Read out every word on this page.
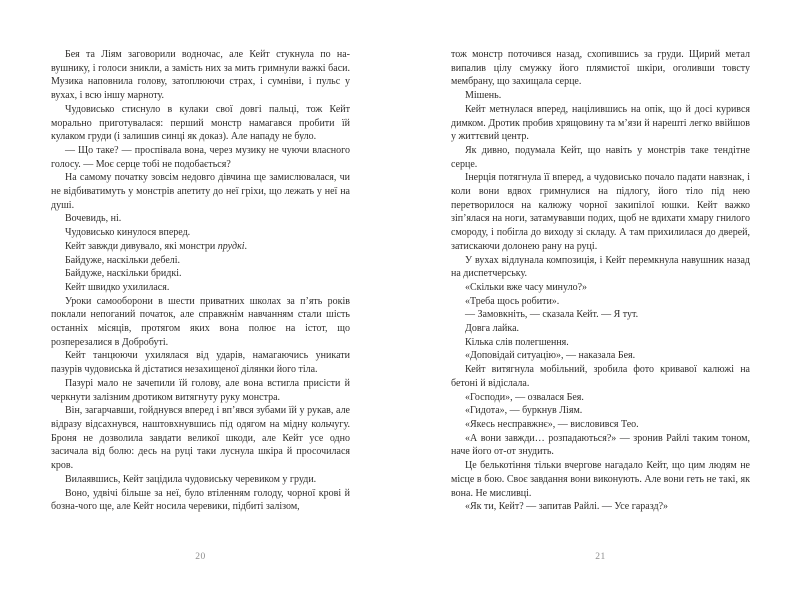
Бея та Ліям заговорили водночас, але Кейт стукнула по навушнику, і голоси зникли, а замість них за мить гримнули важкі баси. Музика наповнила голову, затоплюючи страх, і сумніви, і пульс у вухах, і всю іншу марноту.

Чудовисько стиснуло в кулаки свої довгі пальці, тож Кейт морально приготувалася: перший монстр намагався пробити їй кулаком груди (і залишив синці як доказ). Але нападу не було.

— Що таке? — проспівала вона, через музику не чуючи власного голосу. — Моє серце тобі не подобається?

На самому початку зовсім недовго дівчина ще замислювалася, чи не відбиватимуть у монстрів апетиту до неї гріхи, що лежать у неї на душі.

Вочевидь, ні.

Чудовисько кинулося вперед.

Кейт завжди дивувало, які монстри прудкі.

Байдуже, наскільки дебелі.

Байдуже, наскільки бридкі.

Кейт швидко ухилилася.

Уроки самооборони в шести приватних школах за п’ять років поклали непоганий початок, але справжнім навчанням стали шість останніх місяців, протягом яких вона полює на істот, що розперезалися в Добробуті.

Кейт танцюючи ухилялася від ударів, намагаючись уникати пазурів чудовиська й дістатися незахищеної ділянки його тіла.

Пазурі мало не зачепили їй голову, але вона встигла присісти й черкнути залізним дротиком витягнуту руку монстра.

Він, загарчавши, гойднувся вперед і вп’явся зубами їй у рукав, але відразу відсахнувся, наштовхнувшись під одягом на мідну кольчугу. Броня не дозволила завдати великої шкоди, але Кейт усе одно засичала від болю: десь на руці таки луснула шкіра й просочилася кров.

Вилаявшись, Кейт зацідила чудовиську черевиком у груди.

Воно, удвічі більше за неї, було втіленням голоду, чорної крові й бозна-чого ще, але Кейт носила черевики, підбиті залізом,

тож монстр поточився назад, схопившись за груди. Щирий метал випалив цілу смужку його плямистої шкіри, оголивши товсту мембрану, що захищала серце.

Мішень.

Кейт метнулася вперед, націлившись на опік, що й досі курився димком. Дротик пробив хрящовину та м’язи й нарешті легко ввійшов у життєвий центр.

Як дивно, подумала Кейт, що навіть у монстрів таке тендітне серце.

Інерція потягнула її вперед, а чудовисько почало падати навзнак, і коли вони вдвох гримнулися на підлогу, його тіло під нею перетворилося на калюжу чорної закипілої юшки. Кейт важко зіп’ялася на ноги, затамувавши подих, щоб не вдихати хмару гнилого смороду, і побігла до виходу зі складу. А там прихилилася до дверей, затискаючи долонею рану на руці.

У вухах відлунала композиція, і Кейт перемкнула навушник назад на диспетчерську.

«Скільки вже часу минуло?»

«Треба щось робити».

— Замовкніть, — сказала Кейт. — Я тут.

Довга лайка.

Кілька слів полегшення.

«Доповідай ситуацію», — наказала Бея.

Кейт витягнула мобільний, зробила фото кривавої калюжі на бетоні й відіслала.

«Господи», — озвалася Бея.

«Гидота», — буркнув Ліям.

«Якесь несправжнє», — висловився Тео.

«А вони завжди… розпадаються?» — зронив Райлі таким тоном, наче його от-от знудить.

Це белькотіння тільки вчергове нагадало Кейт, що цим людям не місце в бою. Своє завдання вони виконують. Але вони геть не такі, як вона. Не мисливці.

«Як ти, Кейт? — запитав Райлі. — Усе гаразд?»

20	21
